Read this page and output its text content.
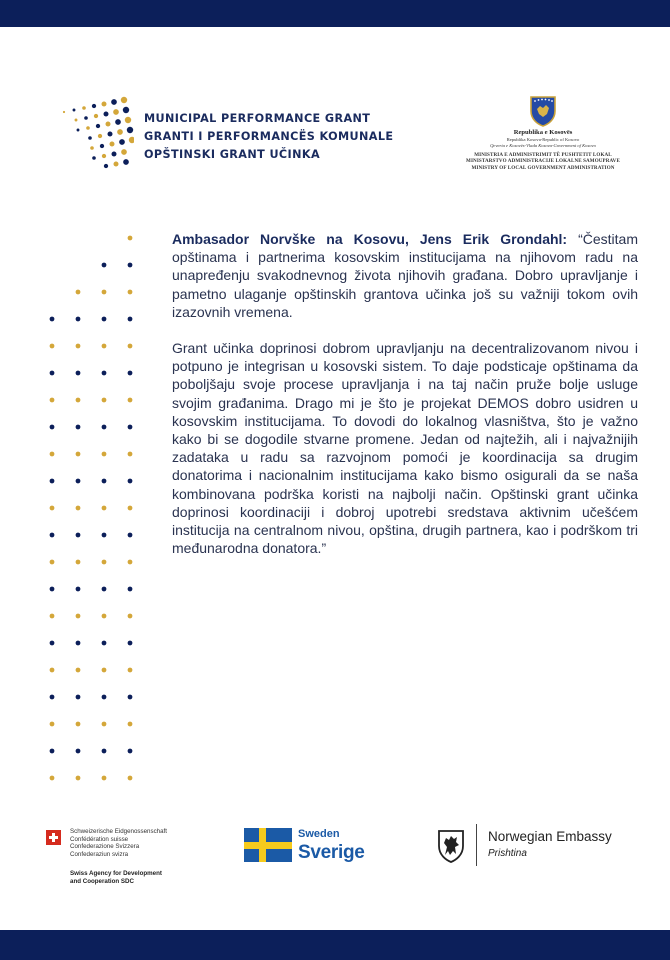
MUNICIPAL PERFORMANCE GRANT
GRANTI I PERFORMANCËS KOMUNALE
OPŠTINSKI GRANT UČINKA
Republika e Kosovës
Republika Kosova-Republic of Kosovo
Qeveria e Kosovës-Vlada Kosova-Government of Kosovo
MINISTRIA E ADMINISTRIMIT TË PUSHTETIT LOKAL
MINISTARSTVO ADMINISTRACIJE LOKALNE SAMOUPRAVE
MINISTRY OF LOCAL GOVERNMENT ADMINISTRATION

Ambasador Norvške na Kosovu, Jens Erik Grondahl: “Čestitam opštinama i partnerima kosovskim institucijama na njihovom radu na unapređenju svakodnevnog života njihovih građana. Dobro upravljanje i pametno ulaganje opštinskih grantova učinka još su važniji tokom ovih izazovnih vremena.

Grant učinka doprinosi dobrom upravljanju na decentralizovanom nivou i potpuno je integrisan u kosovski sistem. To daje podsticaje opštinama da poboljšaju svoje procese upravljanja i na taj način pruže bolje usluge svojim građanima. Drago mi je što je projekat DEMOS dobro usidren u kosovskim institucijama. To dovodi do lokalnog vlasništva, što je važno kako bi se dogodile stvarne promene. Jedan od najtežih, ali i najvažnijih zadataka u radu sa razvojnom pomoći je koordinacija sa drugim donatorima i nacionalnim institucijama kako bismo osigurali da se naša kombinovana podrška koristi na najbolji način. Opštinski grant učinka doprinosi koordinaciji i dobroj upotrebi sredstava aktivnim učešćem institucija na centralnom nivou, opština, drugih partnera, kao i podrškom tri međunarodna donatora.”

Schweizerische Eidgenossenschaft
Confédération suisse
Confederazione Svizzera
Confederaziun svizra
Swiss Agency for Development
and Cooperation SDC
Sweden
Sverige
Norwegian Embassy
Prishtina
